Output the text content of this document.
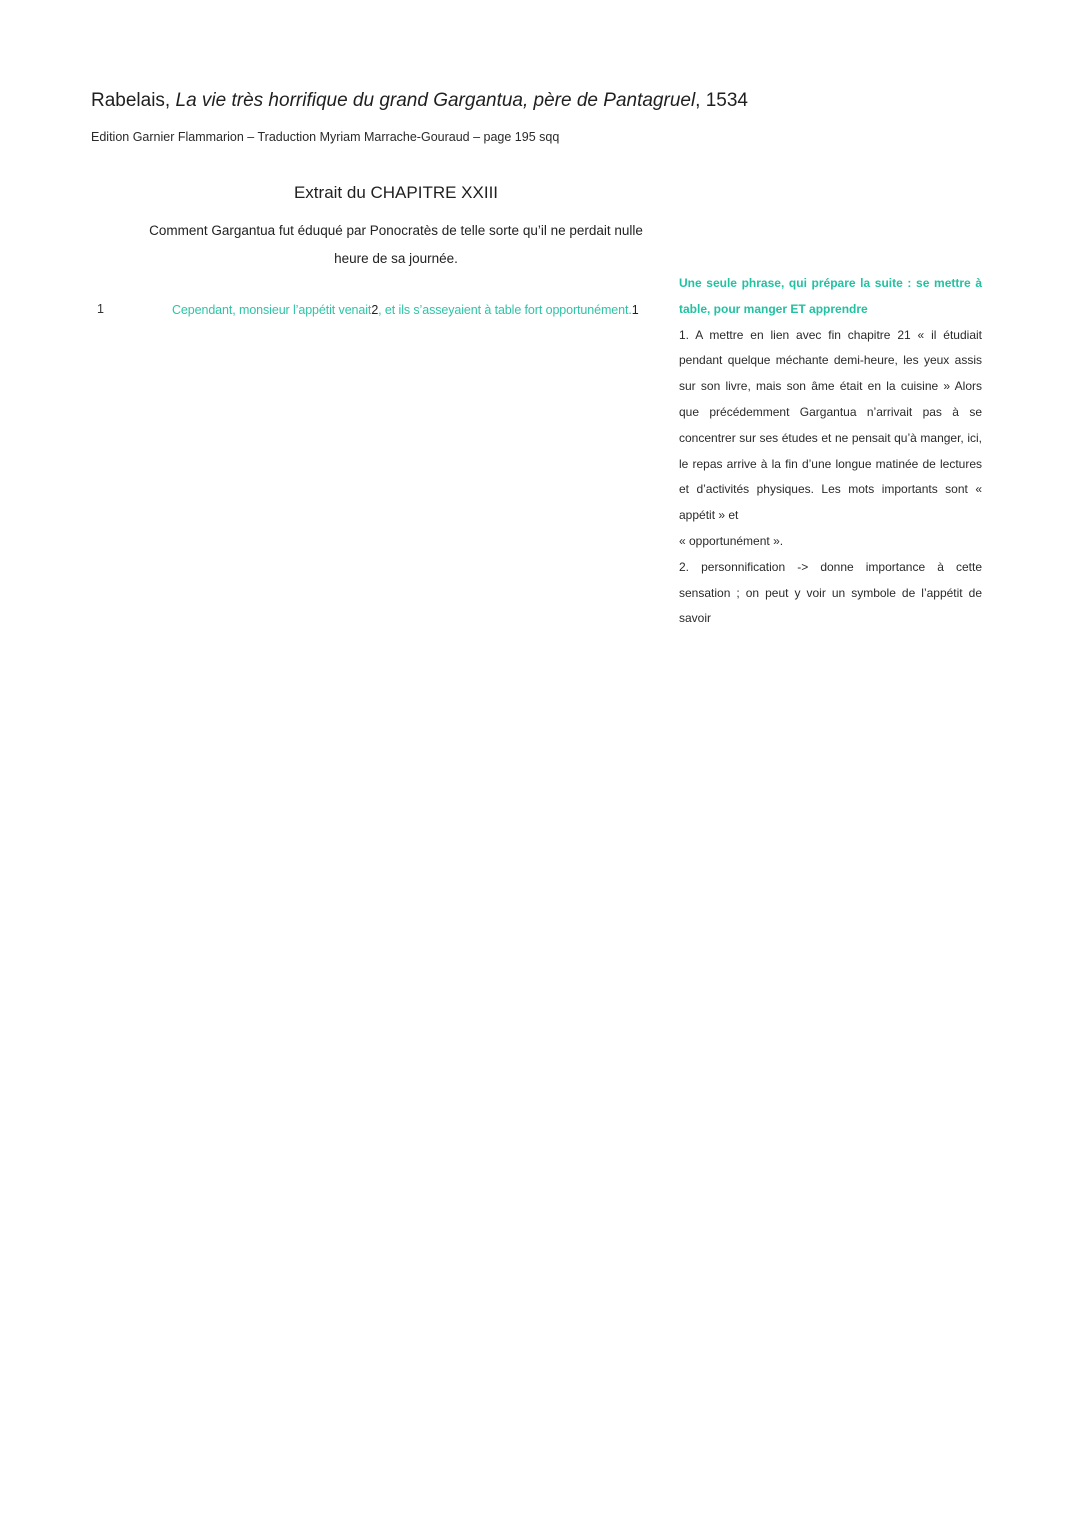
Rabelais, La vie très horrifique du grand Gargantua, père de Pantagruel, 1534
Edition Garnier Flammarion – Traduction Myriam Marrache-Gouraud – page 195 sqq
Extrait du CHAPITRE XXIII
Comment Gargantua fut éduqué par Ponocratès de telle sorte qu’il ne perdait nulle
heure de sa journée.
1	Cependant, monsieur l’appétit venait2, et ils s’asseyaient à table fort opportunément.1

Une seule phrase, qui prépare la suite : se mettre à table, pour manger ET apprendre

1. A mettre en lien avec fin chapitre 21 « il étudiait pendant quelque méchante demi-heure, les yeux assis sur son livre, mais son âme était en la cuisine » Alors que précédemment Gargantua n’arrivait pas à se concentrer sur ses études et ne pensait qu’à manger, ici, le repas arrive à la fin d’une longue matinée de lectures et d’activités physiques. Les mots importants sont « appétit » et
« opportunément ».

2. personnification -> donne importance à cette sensation ; on peut y voir un symbole de l’appétit de savoir
